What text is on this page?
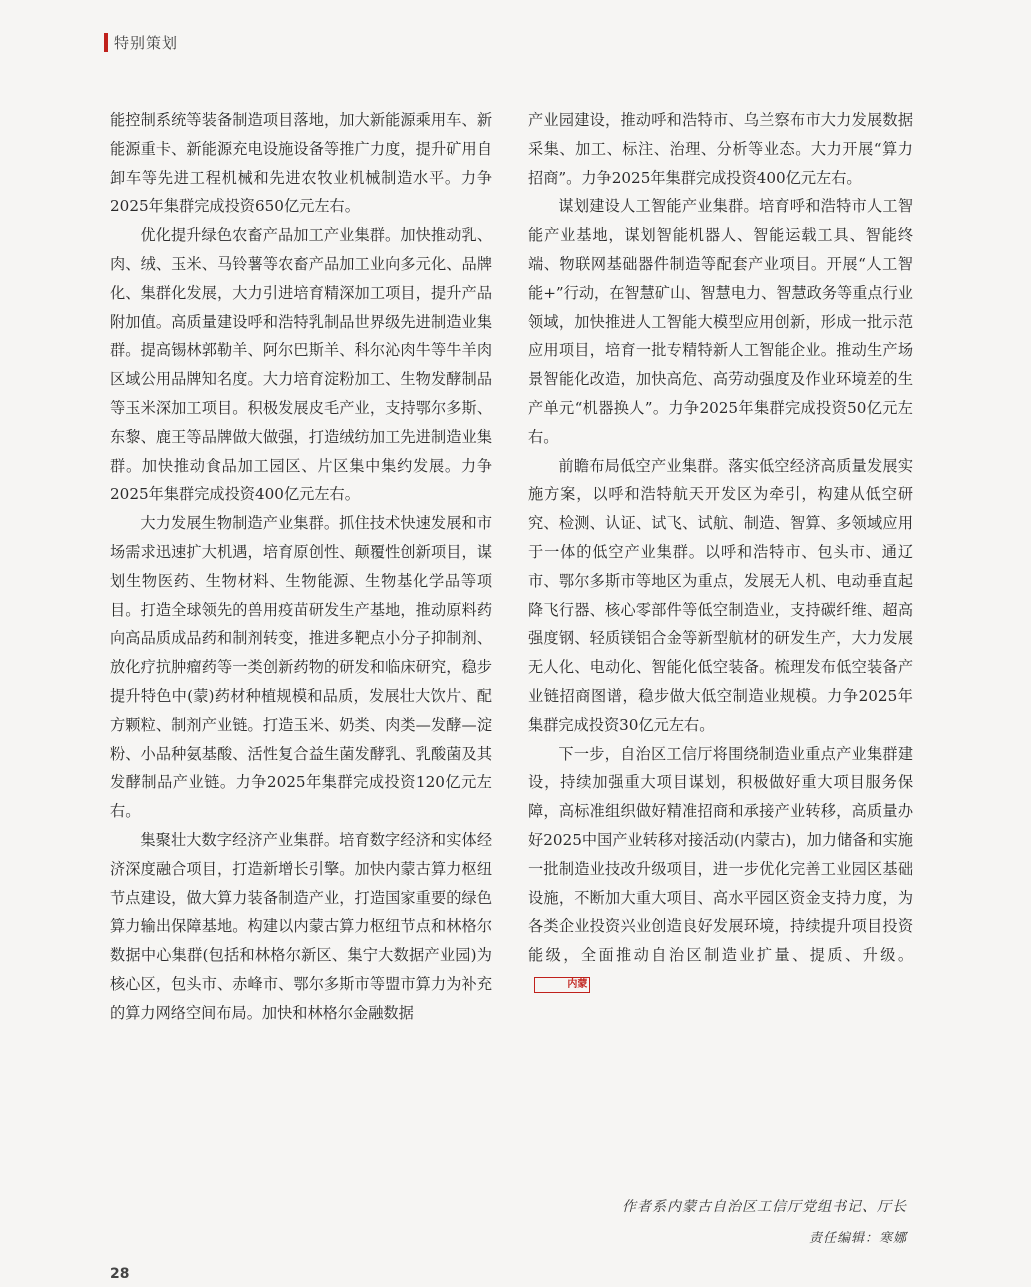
特别策划

能控制系统等装备制造项目落地，加大新能源乘用车、新能源重卡、新能源充电设施设备等推广力度，提升矿用自卸车等先进工程机械和先进农牧业机械制造水平。力争2025年集群完成投资650亿元左右。

优化提升绿色农畜产品加工产业集群。加快推动乳、肉、绒、玉米、马铃薯等农畜产品加工业向多元化、品牌化、集群化发展，大力引进培育精深加工项目，提升产品附加值。高质量建设呼和浩特乳制品世界级先进制造业集群。提高锡林郭勒羊、阿尔巴斯羊、科尔沁肉牛等牛羊肉区域公用品牌知名度。大力培育淀粉加工、生物发酵制品等玉米深加工项目。积极发展皮毛产业，支持鄂尔多斯、东黎、鹿王等品牌做大做强，打造绒纺加工先进制造业集群。加快推动食品加工园区、片区集中集约发展。力争2025年集群完成投资400亿元左右。

大力发展生物制造产业集群。抓住技术快速发展和市场需求迅速扩大机遇，培育原创性、颠覆性创新项目，谋划生物医药、生物材料、生物能源、生物基化学品等项目。打造全球领先的兽用疫苗研发生产基地，推动原料药向高品质成品药和制剂转变，推进多靶点小分子抑制剂、放化疗抗肿瘤药等一类创新药物的研发和临床研究，稳步提升特色中(蒙)药材种植规模和品质，发展壮大饮片、配方颗粒、制剂产业链。打造玉米、奶类、肉类—发酵—淀粉、小品种氨基酸、活性复合益生菌发酵乳、乳酸菌及其发酵制品产业链。力争2025年集群完成投资120亿元左右。

集聚壮大数字经济产业集群。培育数字经济和实体经济深度融合项目，打造新增长引擎。加快内蒙古算力枢纽节点建设，做大算力装备制造产业，打造国家重要的绿色算力输出保障基地。构建以内蒙古算力枢纽节点和林格尔数据中心集群(包括和林格尔新区、集宁大数据产业园)为核心区，包头市、赤峰市、鄂尔多斯市等盟市算力为补充的算力网络空间布局。加快和林格尔金融数据

产业园建设，推动呼和浩特市、乌兰察布市大力发展数据采集、加工、标注、治理、分析等业态。大力开展“算力招商”。力争2025年集群完成投资400亿元左右。

谋划建设人工智能产业集群。培育呼和浩特市人工智能产业基地，谋划智能机器人、智能运载工具、智能终端、物联网基础器件制造等配套产业项目。开展“人工智能+”行动，在智慧矿山、智慧电力、智慧政务等重点行业领域，加快推进人工智能大模型应用创新，形成一批示范应用项目，培育一批专精特新人工智能企业。推动生产场景智能化改造，加快高危、高劳动强度及作业环境差的生产单元“机器换人”。力争2025年集群完成投资50亿元左右。

前瞻布局低空产业集群。落实低空经济高质量发展实施方案，以呼和浩特航天开发区为牵引，构建从低空研究、检测、认证、试飞、试航、制造、智算、多领域应用于一体的低空产业集群。以呼和浩特市、包头市、通辽市、鄂尔多斯市等地区为重点，发展无人机、电动垂直起降飞行器、核心零部件等低空制造业，支持碳纤维、超高强度钢、轻质镁铝合金等新型航材的研发生产，大力发展无人化、电动化、智能化低空装备。梳理发布低空装备产业链招商图谱，稳步做大低空制造业规模。力争2025年集群完成投资30亿元左右。

下一步，自治区工信厅将围绕制造业重点产业集群建设，持续加强重大项目谋划，积极做好重大项目服务保障，高标准组织做好精准招商和承接产业转移，高质量办好2025中国产业转移对接活动(内蒙古)，加力储备和实施一批制造业技改升级项目，进一步优化完善工业园区基础设施，不断加大重大项目、高水平园区资金支持力度，为各类企业投资兴业创造良好发展环境，持续提升项目投资能级，全面推动自治区制造业扩量、提质、升级。内蒙

作者系内蒙古自治区工信厅党组书记、厅长
责任编辑：寒娜
28
